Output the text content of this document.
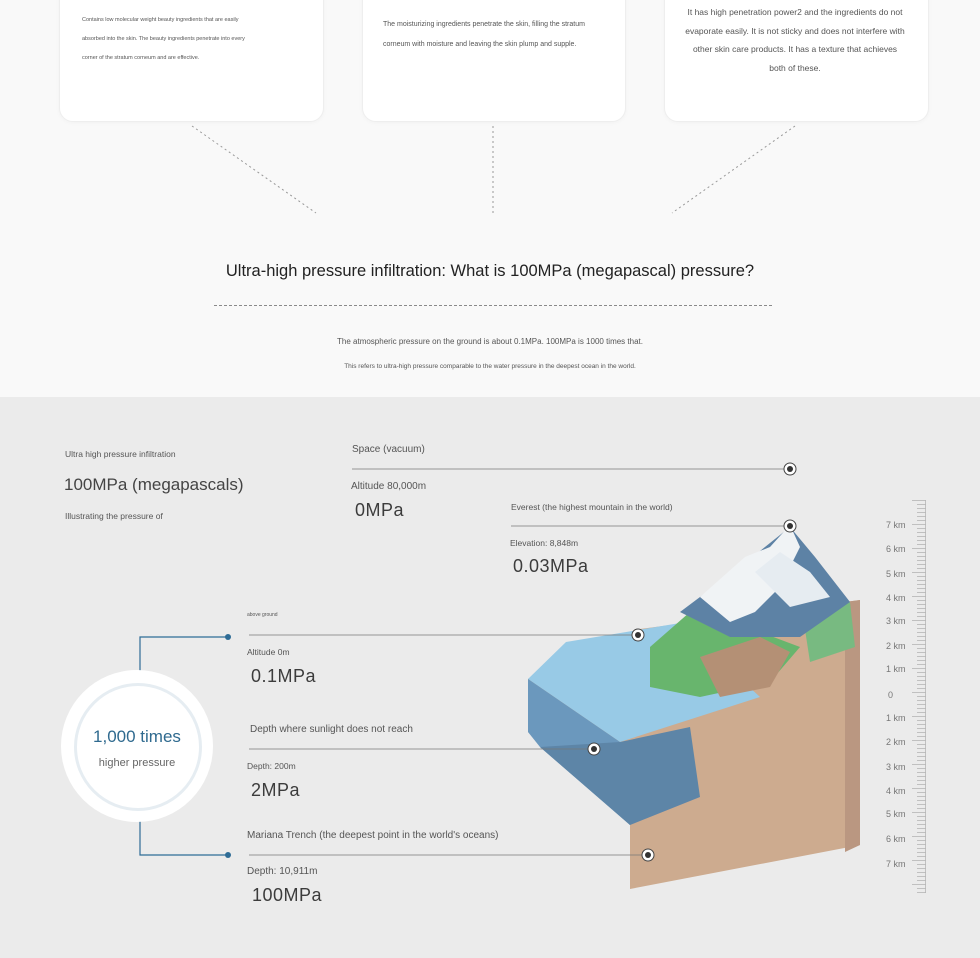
Contains low molecular weight beauty ingredients that are easily absorbed into the skin. The beauty ingredients penetrate into every corner of the stratum corneum and are effective.

The moisturizing ingredients penetrate the skin, filling the stratum corneum with moisture and leaving the skin plump and supple.

It has high penetration power2 and the ingredients do not evaporate easily. It is not sticky and does not interfere with other skin care products. It has a texture that achieves both of these.

Ultra-high pressure infiltration: What is 100MPa (megapascal) pressure?
The atmospheric pressure on the ground is about 0.1MPa. 100MPa is 1000 times that.
This refers to ultra-high pressure comparable to the water pressure in the deepest ocean in the world.

Ultra high pressure infiltration

100MPa (megapascals)

Illustrating the pressure of

Space (vacuum)

Altitude 80,000m

0MPa	Everest (the highest mountain in the world)

Elevation: 8,848m

0.03MPa

above ground

Altitude 0m

0.1MPa

Depth where sunlight does not reach

Depth: 200m

2MPa

Mariana Trench (the deepest point in the world's oceans)

Depth: 10,911m

100MPa

1,000 times
higher pressure
7 km
6 km
5 km
4 km
3 km
2 km
1 km
0
1 km
2 km
3 km
4 km
5 km
6 km
7 km
